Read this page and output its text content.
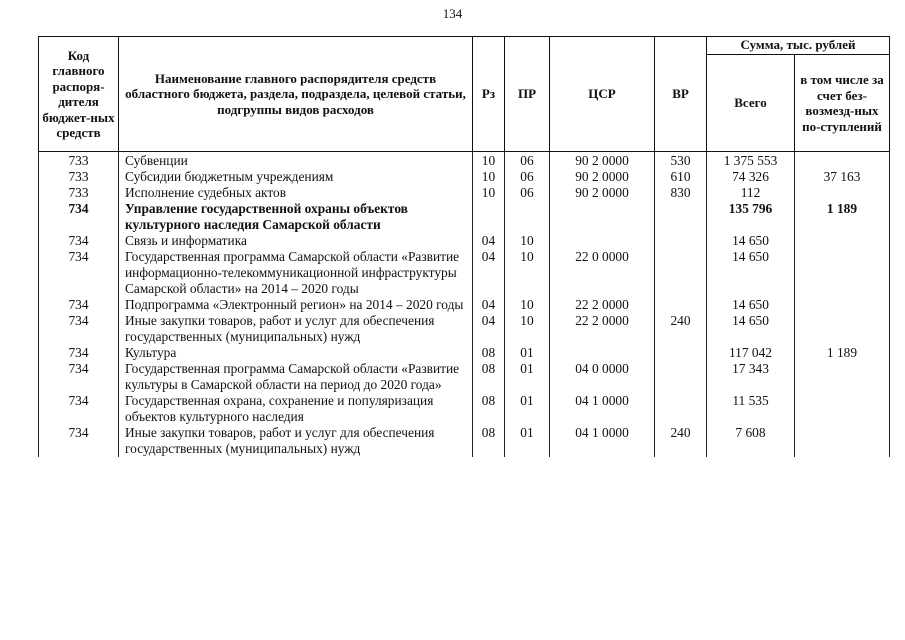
134
Код главного распоря-дителя бюджет-ных средств	Наименование главного распорядителя средств областного бюджета, раздела, подраздела, целевой статьи, подгруппы видов расходов	Рз	ПР	ЦСР	ВР	Сумма, тыс. рублей	
						Всего	в том числе за счет без-возмезд-ных по-ступлений
733	Субвенции	10	06	90 2 0000	530	1 375 553	
733	Субсидии бюджетным учреждениям	10	06	90 2 0000	610	74 326	37 163
733	Исполнение судебных актов	10	06	90 2 0000	830	112	
734	Управление государственной охраны объектов культурного наследия Самарской области					135 796	1 189
734	Связь и информатика	04	10			14 650	
734	Государственная программа Самарской области «Развитие информационно-телекоммуникационной инфраструктуры Самарской области» на 2014 – 2020 годы	04	10	22 0 0000		14 650	
734	Подпрограмма «Электронный регион» на 2014 – 2020 годы	04	10	22 2 0000		14 650	
734	Иные закупки товаров, работ и услуг для обеспечения государственных (муниципальных) нужд	04	10	22 2 0000	240	14 650	
734	Культура	08	01			117 042	1 189
734	Государственная программа Самарской области «Развитие культуры в Самарской области на период до 2020 года»	08	01	04 0 0000		17 343	
734	Государственная охрана, сохранение и популяризация объектов культурного наследия	08	01	04 1 0000		11 535	
734	Иные закупки товаров, работ и услуг для обеспечения государственных (муниципальных) нужд	08	01	04 1 0000	240	7 608	
